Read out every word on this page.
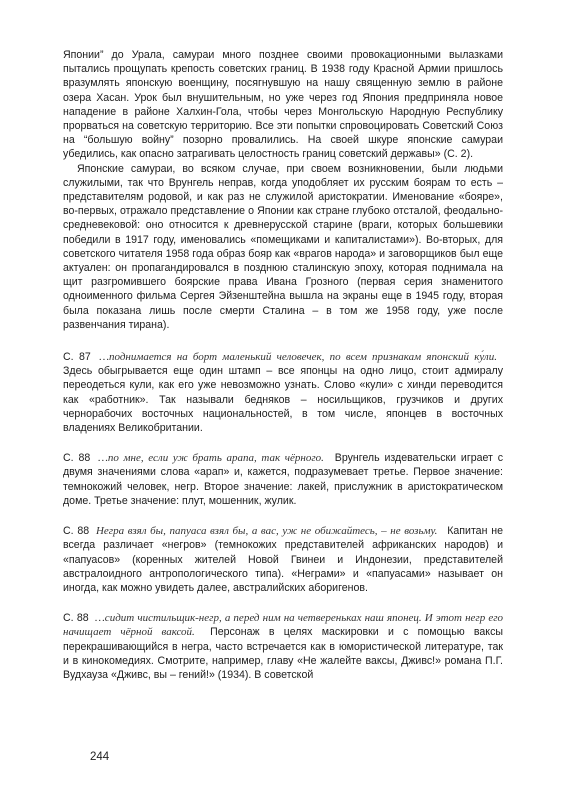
Японии” до Урала, самураи много позднее своими провокационными вылазками пытались прощупать крепость советских границ. В 1938 году Красной Армии пришлось вразумлять японскую военщину, посягнувшую на нашу священную землю в районе озера Хасан. Урок был внушительным, но уже через год Япония предприняла новое нападение в районе Халхин-Гола, чтобы через Монгольскую Народную Республику прорваться на советскую территорию. Все эти попытки спровоцировать Советский Союз на “большую войну” позорно провалились. На своей шкуре японские самураи убедились, как опасно затрагивать целостность границ советский державы» (С. 2).

Японские самураи, во всяком случае, при своем возникновении, были людьми служилыми, так что Врунгель неправ, когда уподобляет их русским боярам то есть – представителям родовой, и как раз не служилой аристократии. Именование «бояре», во-первых, отражало представление о Японии как стране глубоко отсталой, феодально-средневековой: оно относится к древнерусской старине (враги, которых большевики победили в 1917 году, именовались «помещиками и капиталистами»). Во-вторых, для советского читателя 1958 года образ бояр как «врагов народа» и заговорщиков был еще актуален: он пропагандировался в позднюю сталинскую эпоху, которая поднимала на щит разгромившего боярские права Ивана Грозного (первая серия знаменитого одноименного фильма Сергея Эйзенштейна вышла на экраны еще в 1945 году, вторая была показана лишь после смерти Сталина – в том же 1958 году, уже после развенчания тирана).

С. 87 …поднимается на борт маленький человечек, по всем признакам японский ку́ли. Здесь обыгрывается еще один штамп – все японцы на одно лицо, стоит адмиралу переодеться кули, как его уже невозможно узнать. Слово «кули» с хинди переводится как «работник». Так называли бедняков – носильщиков, грузчиков и других чернорабочих восточных национальностей, в том числе, японцев в восточных владениях Великобритании.

С. 88 …по мне, если уж брать арапа, так чёрного. Врунгель издевательски играет с двумя значениями слова «арап» и, кажется, подразумевает третье. Первое значение: темнокожий человек, негр. Второе значение: лакей, прислужник в аристократическом доме. Третье значение: плут, мошенник, жулик.

С. 88 Негра взял бы, папуаса взял бы, а вас, уж не обижайтесь, – не возьму. Капитан не всегда различает «негров» (темнокожих представителей африканских народов) и «папуасов» (коренных жителей Новой Гвинеи и Индонезии, представителей австралоидного антропологического типа). «Неграми» и «папуасами» называет он иногда, как можно увидеть далее, австралийских аборигенов.

С. 88 …сидит чистильщик-негр, а перед ним на четвереньках наш японец. И этот негр его начищает чёрной ваксой. Персонаж в целях маскировки и с помощью ваксы перекрашивающийся в негра, часто встречается как в юмористической литературе, так и в кинокомедиях. Смотрите, например, главу «Не жалейте ваксы, Дживс!» романа П.Г. Вудхауза «Дживс, вы – гений!» (1934). В советской

244
